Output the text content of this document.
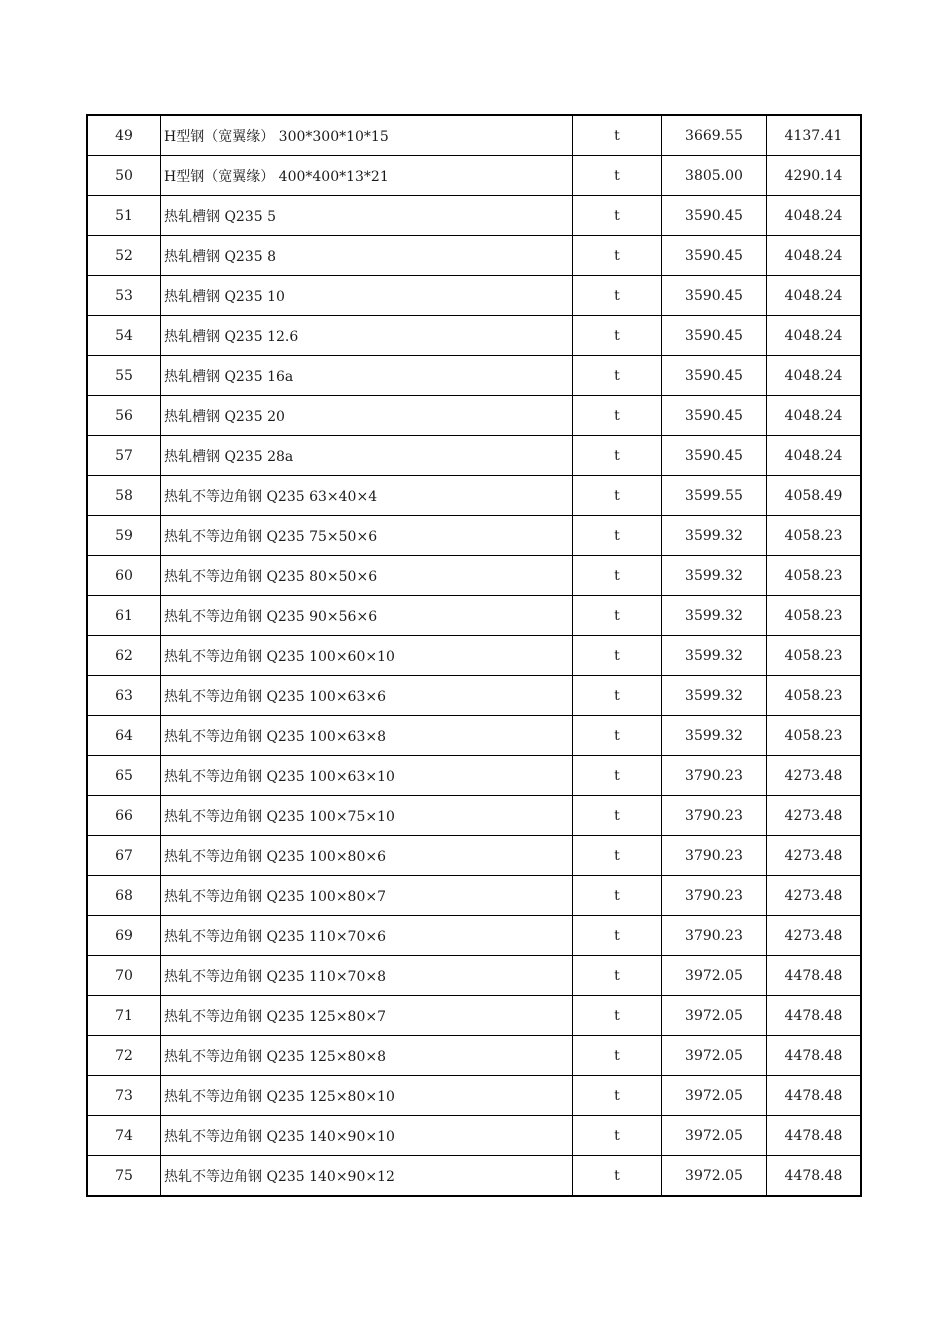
49	H型钢（宽翼缘） 300*300*10*15	t	3669.55	4137.41
50	H型钢（宽翼缘） 400*400*13*21	t	3805.00	4290.14
51	热轧槽钢 Q235 5	t	3590.45	4048.24
52	热轧槽钢 Q235 8	t	3590.45	4048.24
53	热轧槽钢 Q235 10	t	3590.45	4048.24
54	热轧槽钢 Q235 12.6	t	3590.45	4048.24
55	热轧槽钢 Q235 16a	t	3590.45	4048.24
56	热轧槽钢 Q235 20	t	3590.45	4048.24
57	热轧槽钢 Q235 28a	t	3590.45	4048.24
58	热轧不等边角钢 Q235 63×40×4	t	3599.55	4058.49
59	热轧不等边角钢 Q235 75×50×6	t	3599.32	4058.23
60	热轧不等边角钢 Q235 80×50×6	t	3599.32	4058.23
61	热轧不等边角钢 Q235 90×56×6	t	3599.32	4058.23
62	热轧不等边角钢 Q235 100×60×10	t	3599.32	4058.23
63	热轧不等边角钢 Q235 100×63×6	t	3599.32	4058.23
64	热轧不等边角钢 Q235 100×63×8	t	3599.32	4058.23
65	热轧不等边角钢 Q235 100×63×10	t	3790.23	4273.48
66	热轧不等边角钢 Q235 100×75×10	t	3790.23	4273.48
67	热轧不等边角钢 Q235 100×80×6	t	3790.23	4273.48
68	热轧不等边角钢 Q235 100×80×7	t	3790.23	4273.48
69	热轧不等边角钢 Q235 110×70×6	t	3790.23	4273.48
70	热轧不等边角钢 Q235 110×70×8	t	3972.05	4478.48
71	热轧不等边角钢 Q235 125×80×7	t	3972.05	4478.48
72	热轧不等边角钢 Q235 125×80×8	t	3972.05	4478.48
73	热轧不等边角钢 Q235 125×80×10	t	3972.05	4478.48
74	热轧不等边角钢 Q235 140×90×10	t	3972.05	4478.48
75	热轧不等边角钢 Q235 140×90×12	t	3972.05	4478.48
